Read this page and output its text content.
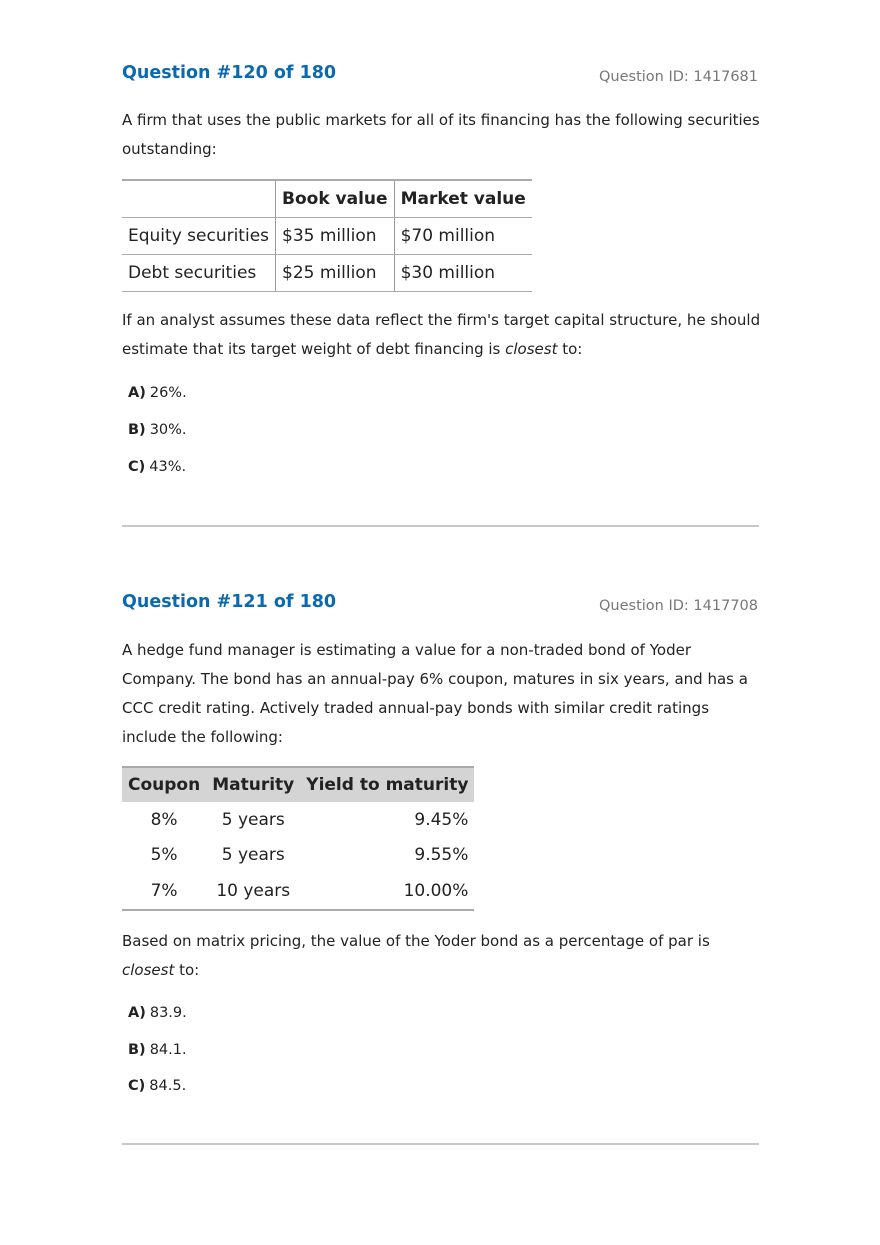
Question #120 of 180	Question ID: 1417681
A firm that uses the public markets for all of its financing has the following securities outstanding:
	Book value	Market value
Equity securities	$35 million	$70 million
Debt securities	$25 million	$30 million
If an analyst assumes these data reflect the firm's target capital structure, he should estimate that its target weight of debt financing is closest to:
A) 26%.
B) 30%.
C) 43%.
Question #121 of 180	Question ID: 1417708
A hedge fund manager is estimating a value for a non-traded bond of Yoder Company. The bond has an annual-pay 6% coupon, matures in six years, and has a CCC credit rating. Actively traded annual-pay bonds with similar credit ratings include the following:
Coupon	Maturity	Yield to maturity
8%	5 years	9.45%
5%	5 years	9.55%
7%	10 years	10.00%
Based on matrix pricing, the value of the Yoder bond as a percentage of par is closest to:
A) 83.9.
B) 84.1.
C) 84.5.
